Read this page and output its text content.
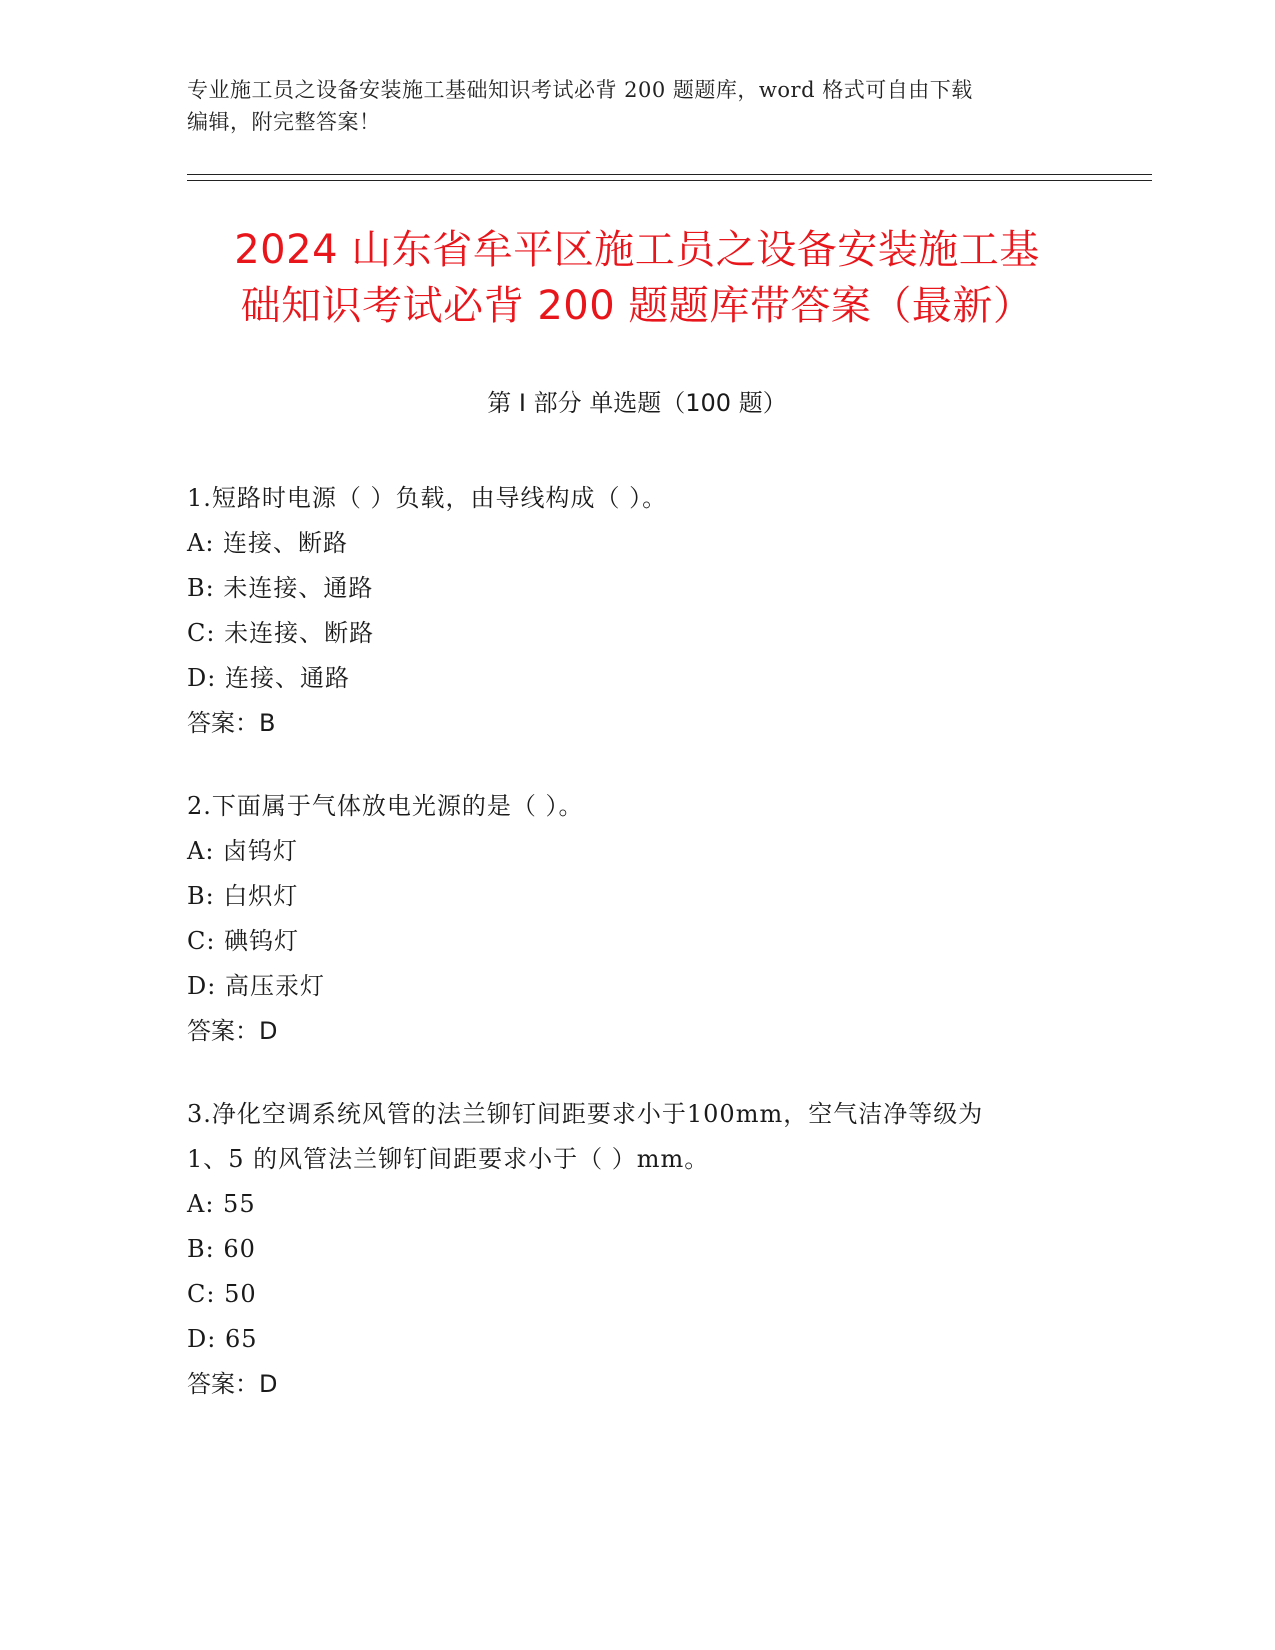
专业施工员之设备安装施工基础知识考试必背 200 题题库，word 格式可自由下载
编辑，附完整答案！
2024 山东省牟平区施工员之设备安装施工基
础知识考试必背 200 题题库带答案（最新）
第 I 部分 单选题（100 题）
1.短路时电源（ ）负载，由导线构成（ ）。
A: 连接、断路
B: 未连接、通路
C: 未连接、断路
D: 连接、通路
答案：B
2.下面属于气体放电光源的是（ ）。
A: 卤钨灯
B: 白炽灯
C: 碘钨灯
D: 高压汞灯
答案：D
3.净化空调系统风管的法兰铆钉间距要求小于100mm，空气洁净等级为
1、5 的风管法兰铆钉间距要求小于（ ）mm。
A: 55
B: 60
C: 50
D: 65
答案：D
